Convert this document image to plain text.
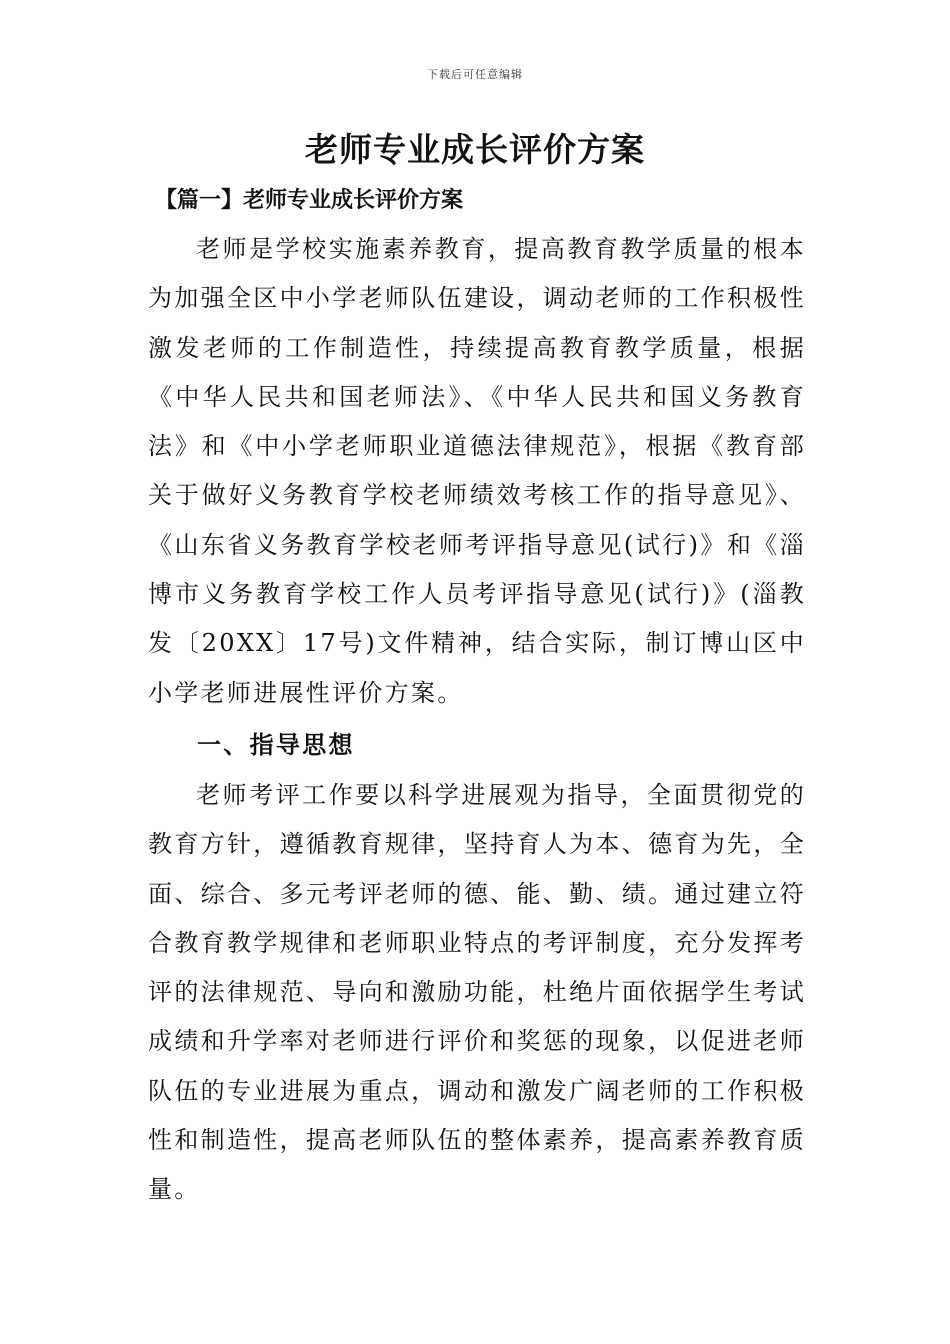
下载后可任意编辑
老师专业成长评价方案
【篇一】老师专业成长评价方案

老师是学校实施素养教育，提高教育教学质量的根本为加强全区中小学老师队伍建设，调动老师的工作积极性激发老师的工作制造性，持续提高教育教学质量，根据《中华人民共和国老师法》、《中华人民共和国义务教育法》和《中小学老师职业道德法律规范》，根据《教育部关于做好义务教育学校老师绩效考核工作的指导意见》、《山东省义务教育学校老师考评指导意见(试行)》和《淄博市义务教育学校工作人员考评指导意见(试行)》(淄教发〔20XX〕17号)文件精神，结合实际，制订博山区中小学老师进展性评价方案。

一、指导思想

老师考评工作要以科学进展观为指导，全面贯彻党的教育方针，遵循教育规律，坚持育人为本、德育为先，全面、综合、多元考评老师的德、能、勤、绩。通过建立符合教育教学规律和老师职业特点的考评制度，充分发挥考评的法律规范、导向和激励功能，杜绝片面依据学生考试成绩和升学率对老师进行评价和奖惩的现象，以促进老师队伍的专业进展为重点，调动和激发广阔老师的工作积极性和制造性，提高老师队伍的整体素养，提高素养教育质量。
